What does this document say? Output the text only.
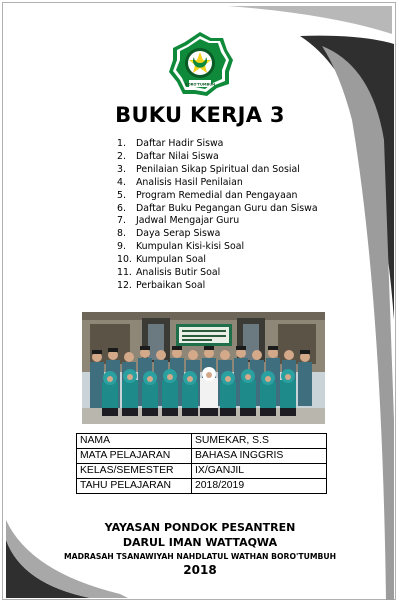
BORO'TUMBUH
BUKU KERJA 3
1. Daftar Hadir Siswa
2. Daftar Nilai Siswa
3. Penilaian Sikap Spiritual dan Sosial
4. Analisis Hasil Penilaian
5. Program Remedial dan Pengayaan
6. Daftar Buku Pegangan Guru dan Siswa
7. Jadwal Mengajar Guru
8. Daya Serap Siswa
9. Kumpulan Kisi-kisi Soal
10. Kumpulan Soal
11. Analisis Butir Soal
12. Perbaikan Soal
NAMA	SUMEKAR, S.S
MATA PELAJARAN	BAHASA INGGRIS
KELAS/SEMESTER	IX/GANJIL
TAHU PELAJARAN	2018/2019
YAYASAN PONDOK PESANTREN
DARUL IMAN WATTAQWA
MADRASAH TSANAWIYAH NAHDLATUL WATHAN BORO'TUMBUH
2018
